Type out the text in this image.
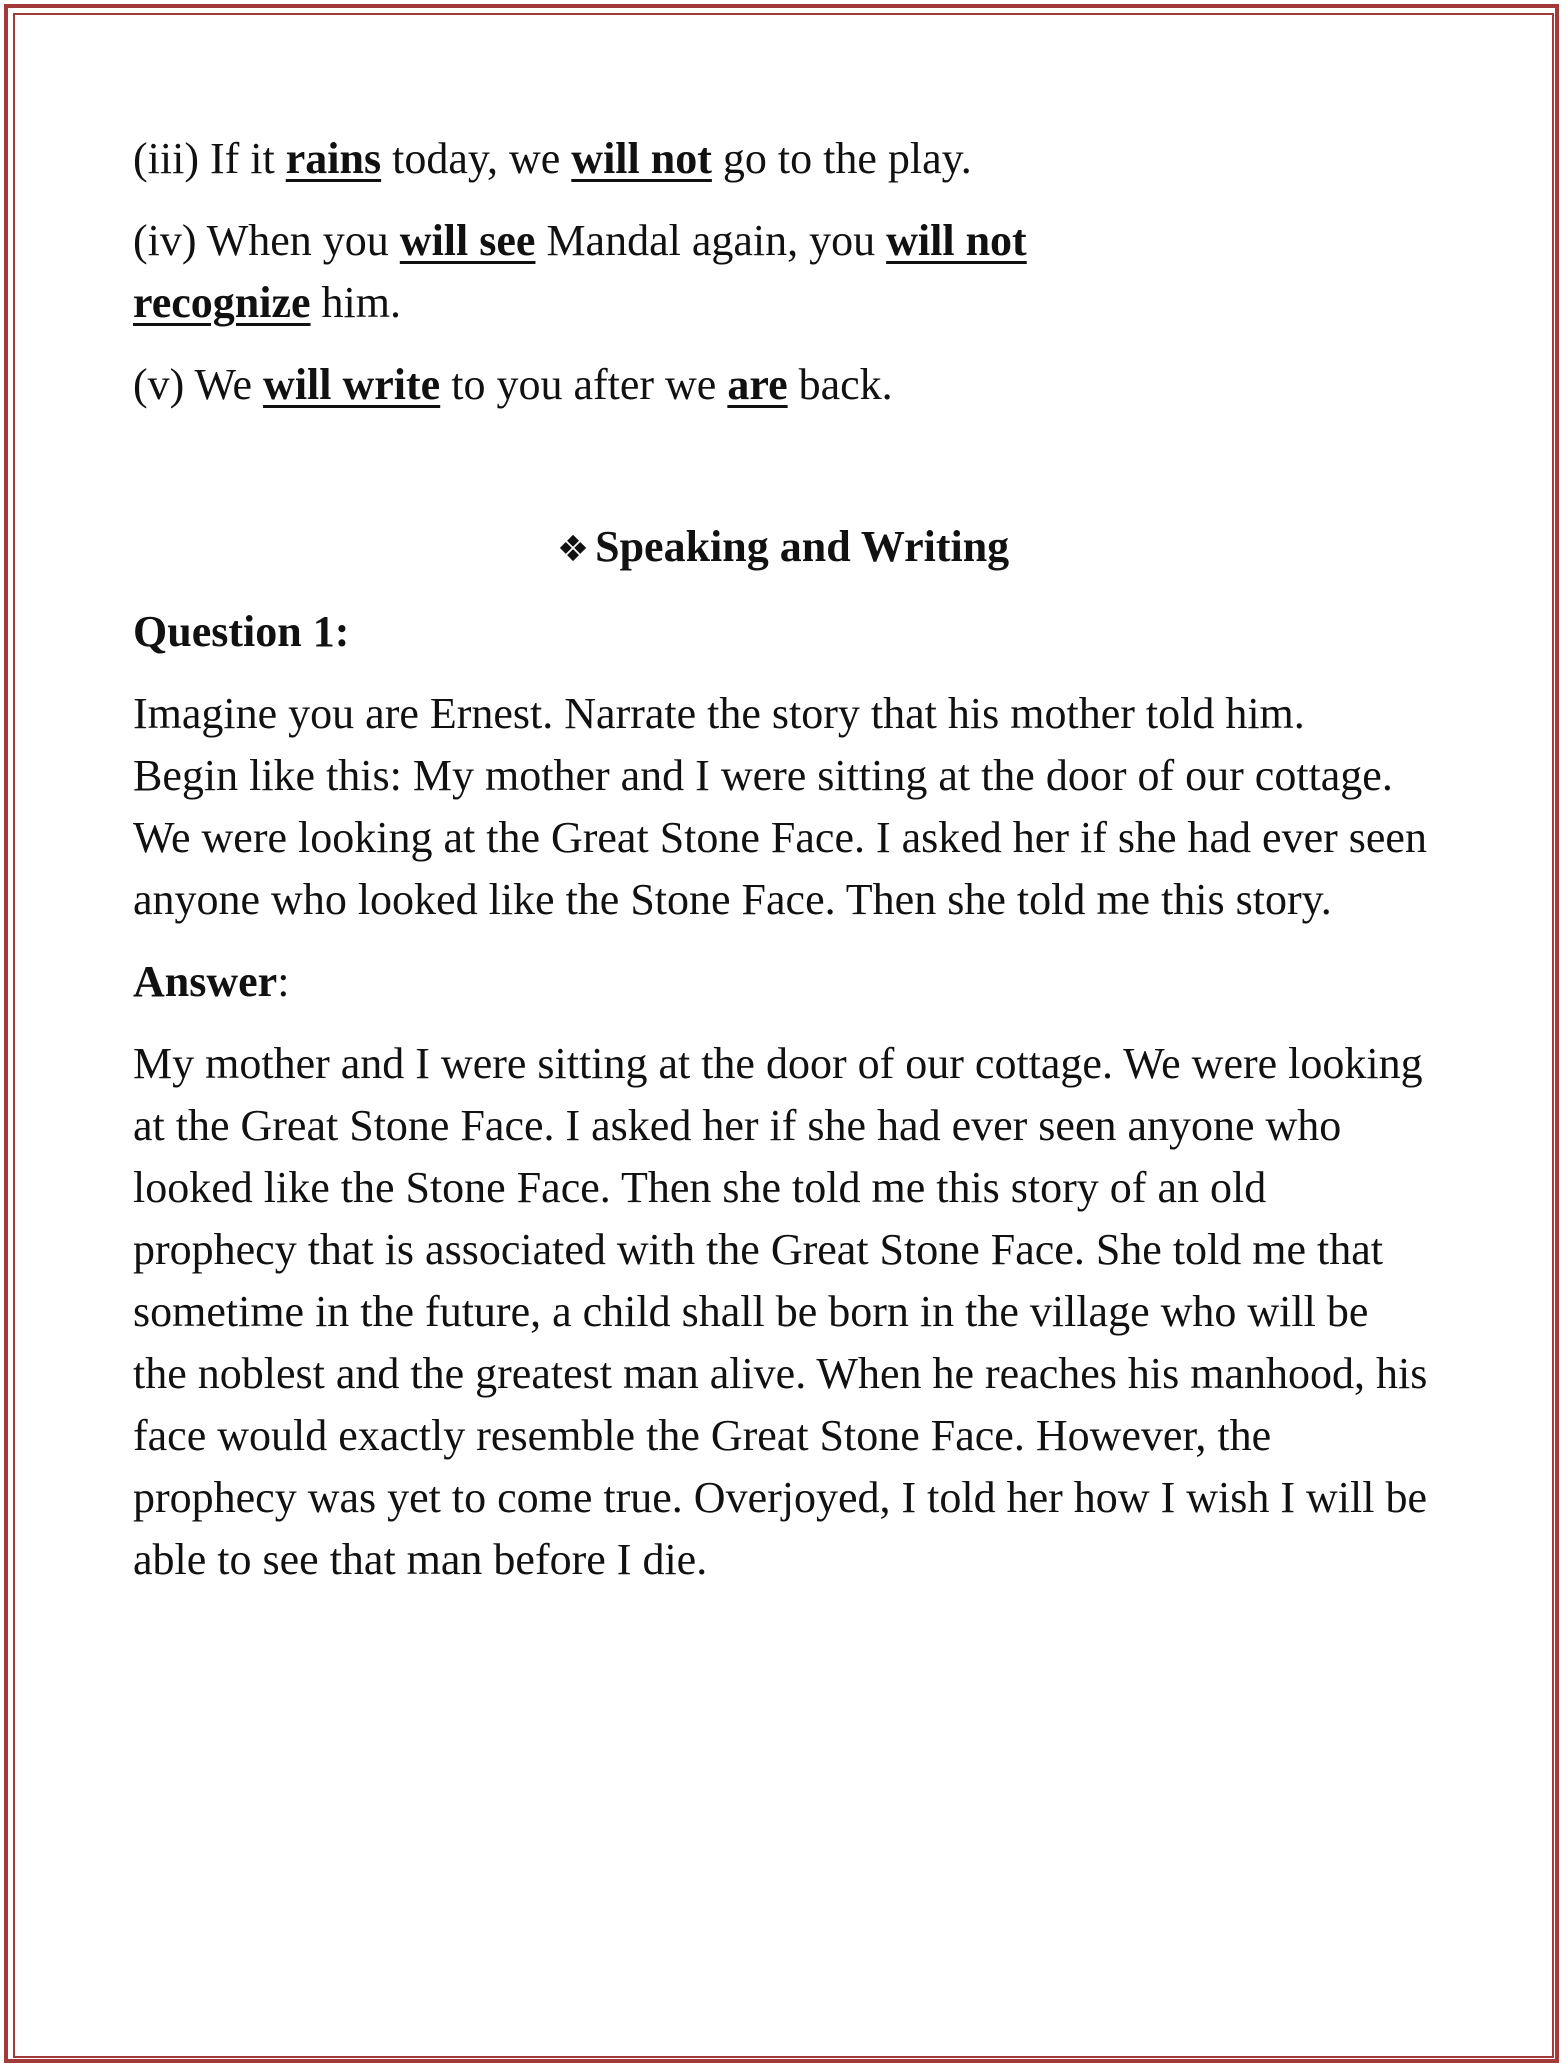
(iii) If it rains today, we will not go to the play.

(iv) When you will see Mandal again, you will not
recognize him.

(v) We will write to you after we are back.

❖ Speaking and Writing

Question 1:

Imagine you are Ernest. Narrate the story that his mother told him.
Begin like this: My mother and I were sitting at the door of our cottage. We were looking at the Great Stone Face. I asked her if she had ever seen anyone who looked like the Stone Face. Then she told me this story.

Answer:

My mother and I were sitting at the door of our cottage. We were looking at the Great Stone Face. I asked her if she had ever seen anyone who looked like the Stone Face. Then she told me this story of an old prophecy that is associated with the Great Stone Face. She told me that sometime in the future, a child shall be born in the village who will be the noblest and the greatest man alive. When he reaches his manhood, his face would exactly resemble the Great Stone Face. However, the prophecy was yet to come true. Overjoyed, I told her how I wish I will be able to see that man before I die.
